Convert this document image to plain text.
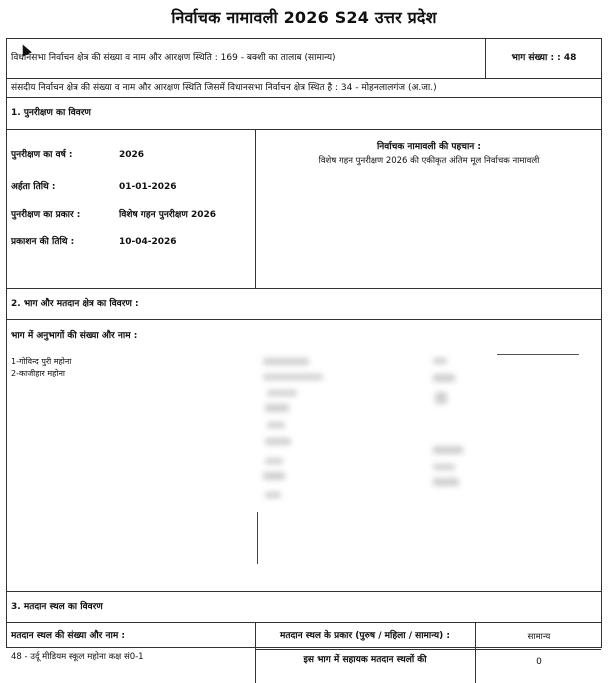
निर्वाचक नामावली 2026 S24 उत्तर प्रदेश
विधानसभा निर्वाचन क्षेत्र की संख्या व नाम और आरक्षण स्थिति : 169 - बक्शी का तालाब (सामान्य)	भाग संख्या : : 48
संसदीय निर्वाचन क्षेत्र की संख्या व नाम और आरक्षण स्थिति जिसमें विधानसभा निर्वाचन क्षेत्र स्थित है : 34 - मोहनलालगंज (अ.जा.)
1. पुनरीक्षण का विवरण
पुनरीक्षण का वर्ष :	2026
अर्हता तिथि :	01-01-2026
पुनरीक्षण का प्रकार :	विशेष गहन पुनरीक्षण 2026
प्रकाशन की तिथि :	10-04-2026
निर्वाचक नामावली की पहचान :
विशेष गहन पुनरीक्षण 2026 की एकीकृत अंतिम मूल निर्वाचक नामावली
2. भाग और मतदान क्षेत्र का विवरण :
भाग में अनुभागों की संख्या और नाम :
1-गोविन्द पुरी महोना
2-काजीहार महोना
3. मतदान स्थल का विवरण
मतदान स्थल की संख्या और नाम :	मतदान स्थल के प्रकार (पुरुष / महिला / सामान्य) :	सामान्य
48 - उर्दू मीडियम स्कूल महोना कक्ष सं0-1	इस भाग में सहायक मतदान स्थलों की	0
